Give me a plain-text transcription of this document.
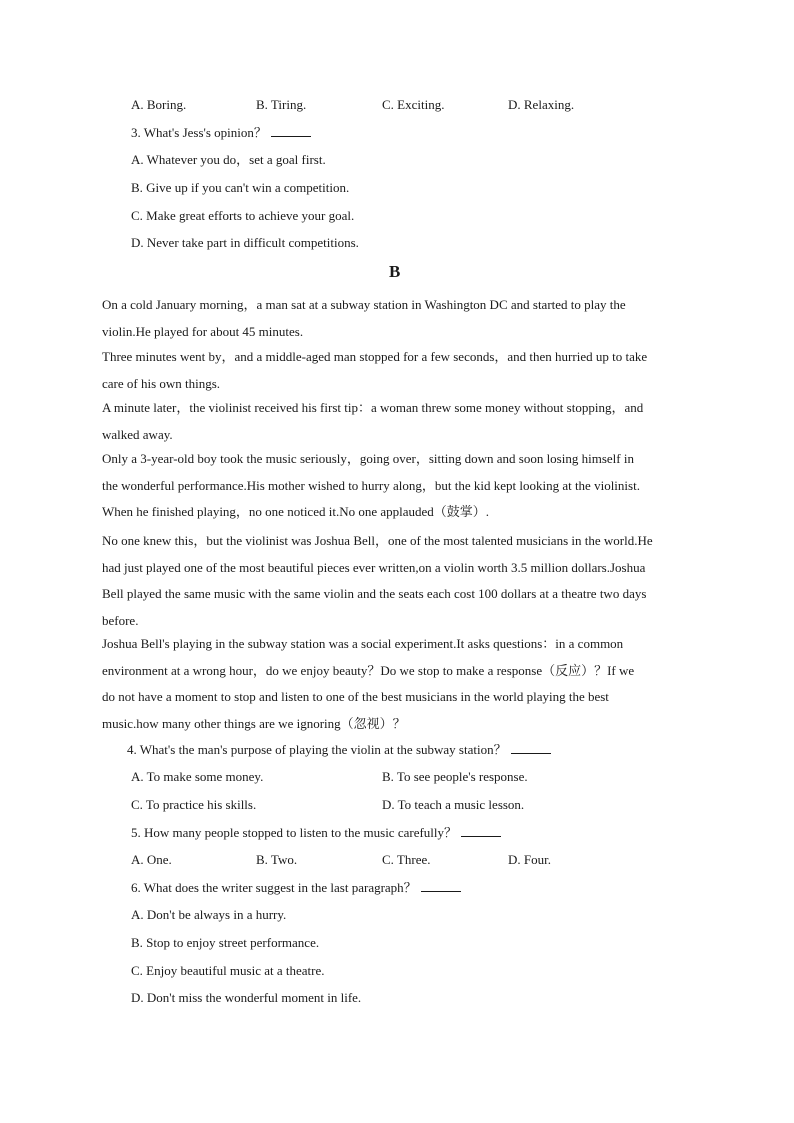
A. Boring.	B. Tiring.	C. Exciting.	D. Relaxing.
3. What's Jess's opinion？
A. Whatever you do，set a goal first.
B. Give up if you can't win a competition.
C. Make great efforts to achieve your goal.
D. Never take part in difficult competitions.
B
On a cold January morning，a man sat at a subway station in Washington DC and started to play the
violin.He played for about 45 minutes.
Three minutes went by，and a middle-aged man stopped for a few seconds，and then hurried up to take
care of his own things.
A minute later，the violinist received his first tip：a woman threw some money without stopping，and
walked away.
Only a 3-year-old boy took the music seriously，going over，sitting down and soon losing himself in
the wonderful performance.His mother wished to hurry along，but the kid kept looking at the violinist.
When he finished playing，no one noticed it.No one applauded（鼓掌）.
No one knew this，but the violinist was Joshua Bell，one of the most talented musicians in the world.He
had just played one of the most beautiful pieces ever written,on a violin worth 3.5 million dollars.Joshua
Bell played the same music with the same violin and the seats each cost 100 dollars at a theatre two days
before.
Joshua Bell's playing in the subway station was a social experiment.It asks questions：in a common
environment at a wrong hour，do we enjoy beauty？Do we stop to make a response（反应）？If we
do not have a moment to stop and listen to one of the best musicians in the world playing the best
music.how many other things are we ignoring（忽视）？
4. What's the man's purpose of playing the violin at the subway station？
A. To make some money.	B. To see people's response.
C. To practice his skills.	D. To teach a music lesson.
5. How many people stopped to listen to the music carefully？
A. One.	B. Two.	C. Three.	D. Four.
6. What does the writer suggest in the last paragraph？
A. Don't be always in a hurry.
B. Stop to enjoy street performance.
C. Enjoy beautiful music at a theatre.
D. Don't miss the wonderful moment in life.
